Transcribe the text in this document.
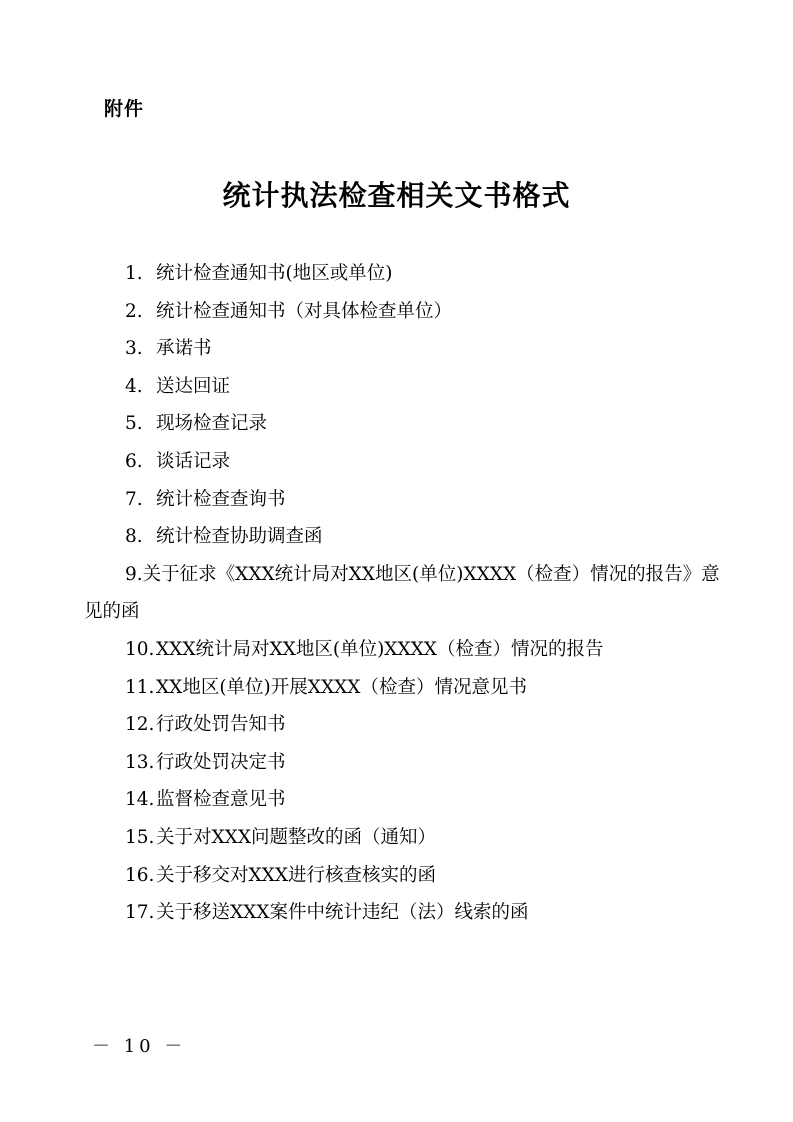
附件
统计执法检查相关文书格式
1. 统计检查通知书(地区或单位)
2. 统计检查通知书（对具体检查单位）
3. 承诺书
4. 送达回证
5. 现场检查记录
6. 谈话记录
7. 统计检查查询书
8. 统计检查协助调查函
9.关于征求《XXX统计局对XX地区(单位)XXXX（检查）情况的报告》意见的函
10.XXX统计局对XX地区(单位)XXXX（检查）情况的报告
11.XX地区(单位)开展XXXX（检查）情况意见书
12.行政处罚告知书
13.行政处罚决定书
14.监督检查意见书
15.关于对XXX问题整改的函（通知）
16.关于移交对XXX进行核查核实的函
17.关于移送XXX案件中统计违纪（法）线索的函
－ 10 －
